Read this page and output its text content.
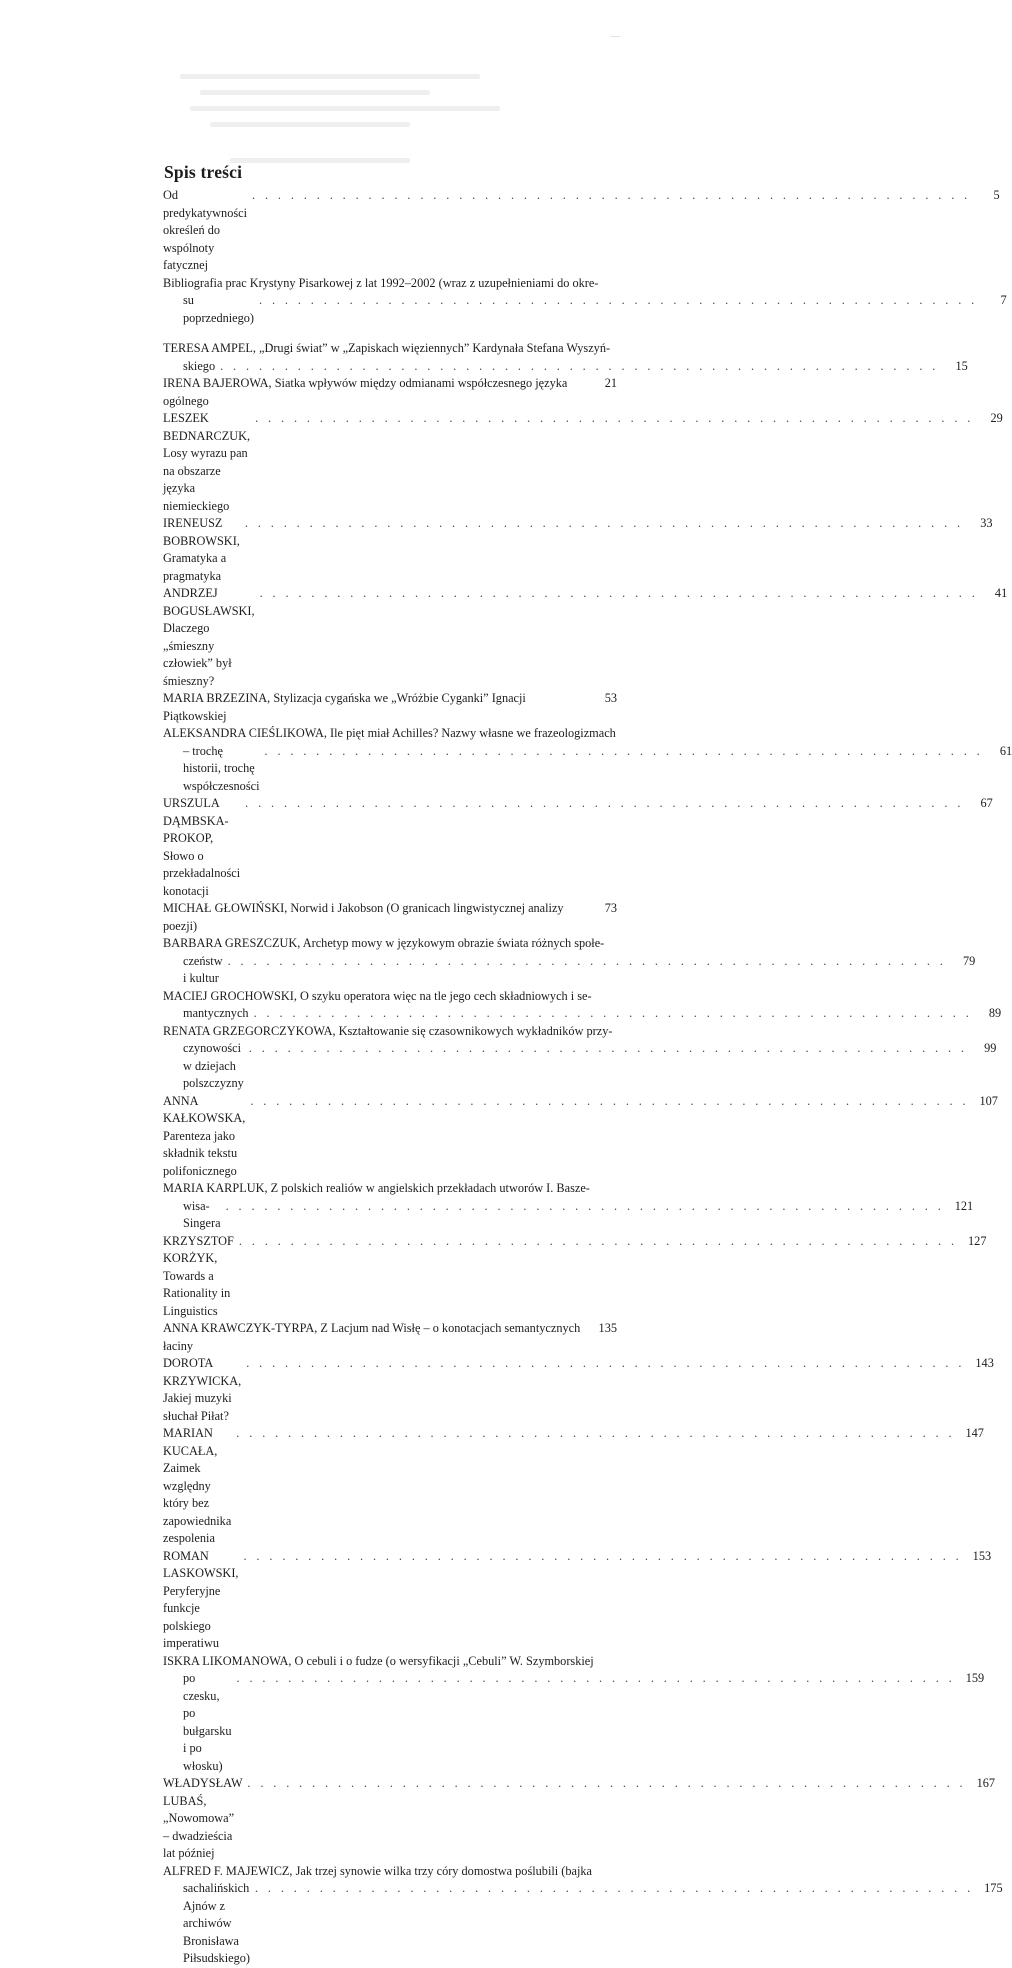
Spis treści
Od predykatywności określeń do wspólnoty fatycznej
. . . . . . . . . . . . . . . . . . . . . . . . . . . . . . . . . . . . . . . . . . . . . . . . . . . . . . . .	5
Bibliografia prac Krystyny Pisarkowej z lat 1992–2002 (wraz z uzupełnieniami do okre-
su poprzedniego)
. . . . . . . . . . . . . . . . . . . . . . . . . . . . . . . . . . . . . . . . . . . . . . . . . . . . . . . .	7
TERESA AMPEL, „Drugi świat” w „Zapiskach więziennych” Kardynała Stefana Wyszyń-
skiego . . . . . . . . . . . . . . . . . . . . . . . . . . . . . . . . . . . . . . . . . . . . . . . . . . . . . . . .	15
IRENA BAJEROWA, Siatka wpływów między odmianami współczesnego języka ogólnego
21
LESZEK BEDNARCZUK, Losy wyrazu pan na obszarze języka niemieckiego
. . . . . . . . . . . . . . . . . . . . . . . . . . . . . . . . . . . . . . . . . . . . . . . . . . . . . . . .	29
IRENEUSZ BOBROWSKI, Gramatyka a pragmatyka
. . . . . . . . . . . . . . . . . . . . . . . . . . . . . . . . . . . . . . . . . . . . . . . . . . . . . . . .	33
ANDRZEJ BOGUSŁAWSKI, Dlaczego „śmieszny człowiek” był śmieszny?
. . . . . . . . . . . . . . . . . . . . . . . . . . . . . . . . . . . . . . . . . . . . . . . . . . . . . . . .	41
MARIA BRZEZINA, Stylizacja cygańska we „Wróżbie Cyganki” Ignacji Piątkowskiej
53
ALEKSANDRA CIEŚLIKOWA, Ile pięt miał Achilles? Nazwy własne we frazeologizmach
– trochę historii, trochę współczesności
. . . . . . . . . . . . . . . . . . . . . . . . . . . . . . . . . . . . . . . . . . . . . . . . . . . . . . . .	61
URSZULA DĄMBSKA-PROKOP, Słowo o przekładalności konotacji
. . . . . . . . . . . . . . . . . . . . . . . . . . . . . . . . . . . . . . . . . . . . . . . . . . . . . . . .	67
MICHAŁ GŁOWIŃSKI, Norwid i Jakobson (O granicach lingwistycznej analizy poezji)
73
BARBARA GRESZCZUK, Archetyp mowy w językowym obrazie świata różnych społe-
czeństw i kultur
. . . . . . . . . . . . . . . . . . . . . . . . . . . . . . . . . . . . . . . . . . . . . . . . . . . . . . . .	79
MACIEJ GROCHOWSKI, O szyku operatora więc na tle jego cech składniowych i se-
mantycznych . . . . . . . . . . . . . . . . . . . . . . . . . . . . . . . . . . . . . . . . . . . . . . . . . . . . . . . .	89
RENATA GRZEGORCZYKOWA, Kształtowanie się czasownikowych wykładników przy-
czynowości w dziejach polszczyzny
. . . . . . . . . . . . . . . . . . . . . . . . . . . . . . . . . . . . . . . . . . . . . . . . . . . . . . . .	99
ANNA KAŁKOWSKA, Parenteza jako składnik tekstu polifonicznego
. . . . . . . . . . . . . . . . . . . . . . . . . . . . . . . . . . . . . . . . . . . . . . . . . . . . . . . . 107
MARIA KARPLUK, Z polskich realiów w angielskich przekładach utworów I. Basze-
wisa-Singera
. . . . . . . . . . . . . . . . . . . . . . . . . . . . . . . . . . . . . . . . . . . . . . . . . . . . . . . . 121
KRZYSZTOF KORŻYK, Towards a Rationality in Linguistics
. . . . . . . . . . . . . . . . . . . . . . . . . . . . . . . . . . . . . . . . . . . . . . . . . . . . . . . . 127
ANNA KRAWCZYK-TYRPA, Z Lacjum nad Wisłę – o konotacjach semantycznych łaciny
135
DOROTA KRZYWICKA, Jakiej muzyki słuchał Piłat?
. . . . . . . . . . . . . . . . . . . . . . . . . . . . . . . . . . . . . . . . . . . . . . . . . . . . . . . . 143
MARIAN KUCAŁA, Zaimek względny który bez zapowiednika zespolenia
. . . . . . . . . . . . . . . . . . . . . . . . . . . . . . . . . . . . . . . . . . . . . . . . . . . . . . . . 147
ROMAN LASKOWSKI, Peryferyjne funkcje polskiego imperatiwu
. . . . . . . . . . . . . . . . . . . . . . . . . . . . . . . . . . . . . . . . . . . . . . . . . . . . . . . . 153
ISKRA LIKOMANOWA, O cebuli i o fudze (o wersyfikacji „Cebuli” W. Szymborskiej
po czesku, po bułgarsku i po włosku)
. . . . . . . . . . . . . . . . . . . . . . . . . . . . . . . . . . . . . . . . . . . . . . . . . . . . . . . . 159
WŁADYSŁAW LUBAŚ, „Nowomowa” – dwadzieścia lat później
. . . . . . . . . . . . . . . . . . . . . . . . . . . . . . . . . . . . . . . . . . . . . . . . . . . . . . . . 167
ALFRED F. MAJEWICZ, Jak trzej synowie wilka trzy córy domostwa poślubili (bajka
sachalińskich Ajnów z archiwów Bronisława Piłsudskiego)
. . . . . . . . . . . . . . . . . . . . . . . . . . . . . . . . . . . . . . . . . . . . . . . . . . . . . . . . 175
